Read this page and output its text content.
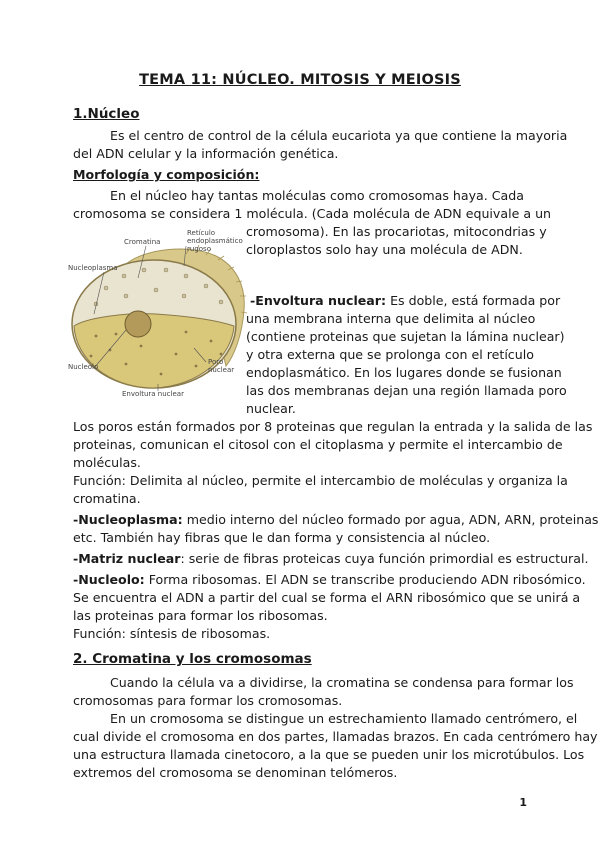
TEMA 11: NÚCLEO. MITOSIS Y MEIOSIS
1.Núcleo
Es el centro de control de la célula eucariota ya que contiene la mayoria
del ADN celular y la información genética.
Morfología y composición:
En el núcleo hay tantas moléculas como cromosomas haya. Cada
cromosoma se considera 1 molécula. (Cada molécula de ADN equivale a un
cromosoma). En las procariotas, mitocondrias y
cloroplastos solo hay una molécula de ADN.
Retículo
endoplasmático
rugoso
Cromatina
Nucleoplasma
Nucleolo
Poro
nuclear
Envoltura nuclear
-Envoltura nuclear: Es doble, está formada por
una membrana interna que delimita al núcleo
(contiene proteinas que sujetan la lámina nuclear)
y otra externa que se prolonga con el retículo
endoplasmático. En los lugares donde se fusionan
las dos membranas dejan una región llamada poro
nuclear.
Los poros están formados por 8 proteinas que regulan la entrada y la salida de las
proteinas, comunican el citosol con el citoplasma y permite el intercambio de
moléculas.
Función: Delimita al núcleo, permite el intercambio de moléculas y organiza la
cromatina.
-Nucleoplasma: medio interno del núcleo formado por agua, ADN, ARN, proteinas
etc. También hay fibras que le dan forma y consistencia al núcleo.
-Matriz nuclear: serie de fibras proteicas cuya función primordial es estructural.
-Nucleolo: Forma ribosomas. El ADN se transcribe produciendo ADN ribosómico.
Se encuentra el ADN a partir del cual se forma el ARN ribosómico que se unirá a
las proteinas para formar los ribosomas.
Función: síntesis de ribosomas.
2. Cromatina y los cromosomas
Cuando la célula va a dividirse, la cromatina se condensa para formar los
cromosomas para formar los cromosomas.
En un cromosoma se distingue un estrechamiento llamado centrómero, el
cual divide el cromosoma en dos partes, llamadas brazos. En cada centrómero hay
una estructura llamada cinetocoro, a la que se pueden unir los microtúbulos. Los
extremos del cromosoma se denominan telómeros.
1
